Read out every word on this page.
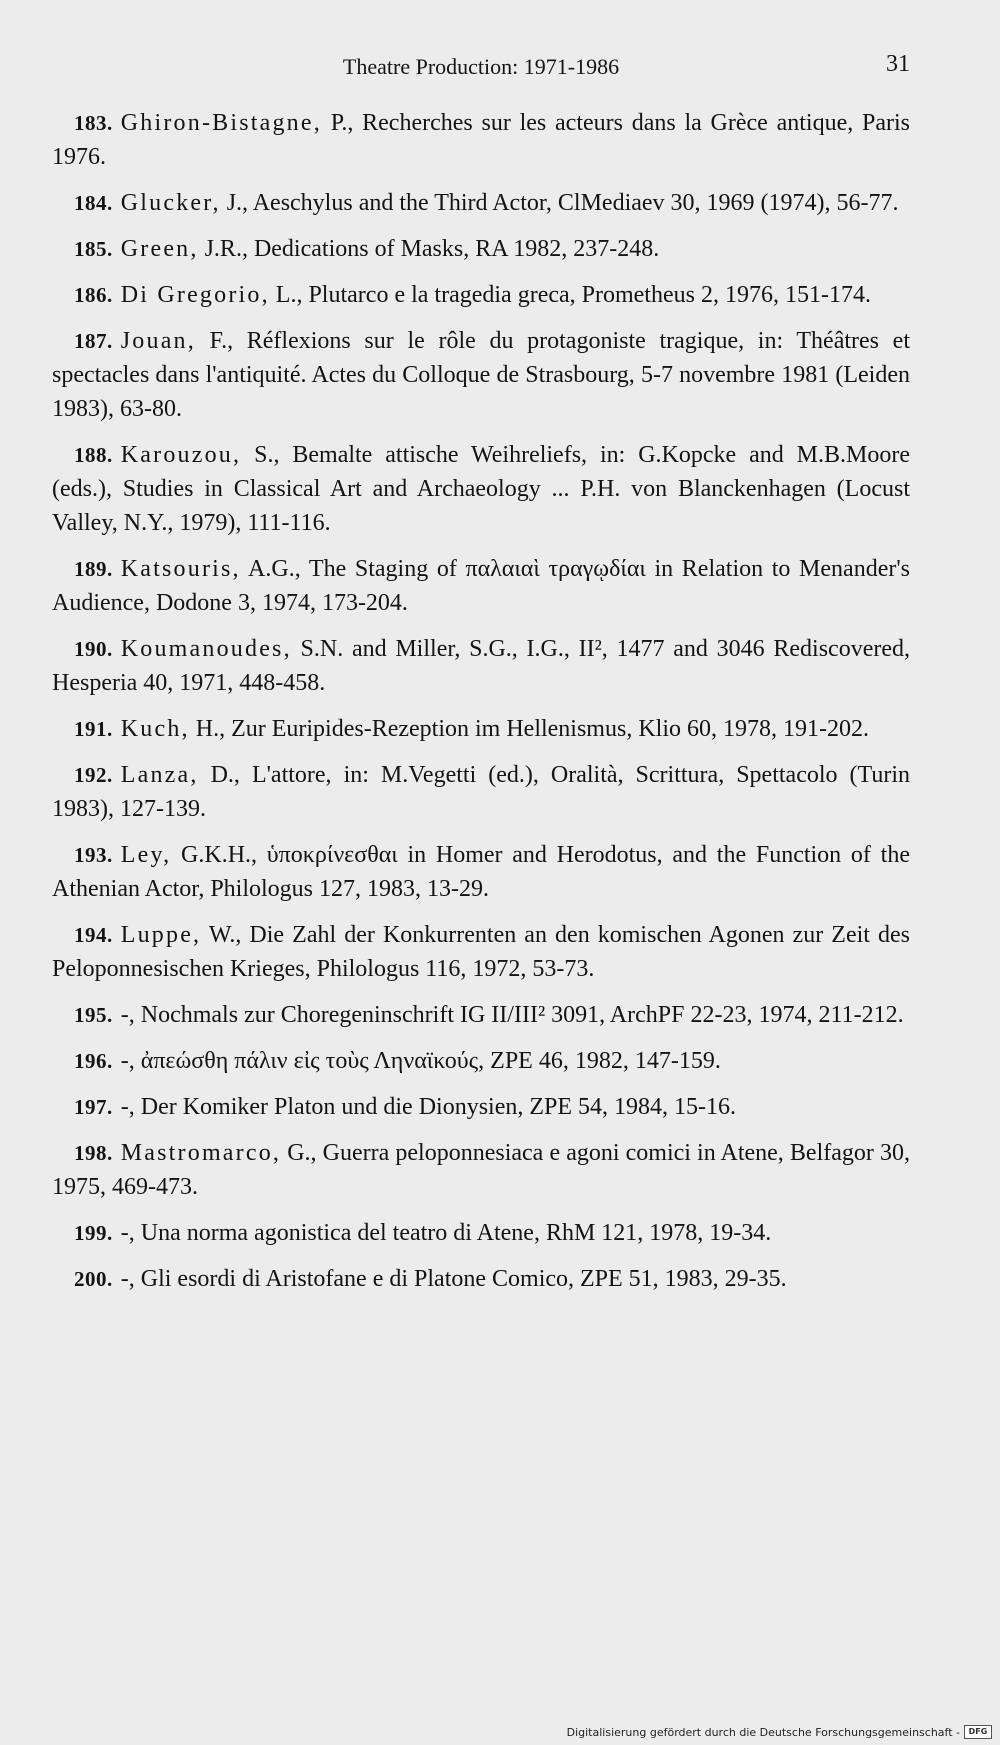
Theatre Production: 1971-1986	31

183. Ghiron-Bistagne, P., Recherches sur les acteurs dans la Grèce antique, Paris 1976.

184. Glucker, J., Aeschylus and the Third Actor, ClMediaev 30, 1969 (1974), 56-77.

185. Green, J.R., Dedications of Masks, RA 1982, 237-248.

186. Di Gregorio, L., Plutarco e la tragedia greca, Prometheus 2, 1976, 151-174.

187. Jouan, F., Réflexions sur le rôle du protagoniste tragique, in: Théâtres et spectacles dans l'antiquité. Actes du Colloque de Strasbourg, 5-7 novembre 1981 (Leiden 1983), 63-80.

188. Karouzou, S., Bemalte attische Weihreliefs, in: G.Kopcke and M.B.Moore (eds.), Studies in Classical Art and Archaeology ... P.H. von Blanckenhagen (Locust Valley, N.Y., 1979), 111-116.

189. Katsouris, A.G., The Staging of παλαιαὶ τραγῳδίαι in Relation to Menander's Audience, Dodone 3, 1974, 173-204.

190. Koumanoudes, S.N. and Miller, S.G., I.G., II², 1477 and 3046 Rediscovered, Hesperia 40, 1971, 448-458.

191. Kuch, H., Zur Euripides-Rezeption im Hellenismus, Klio 60, 1978, 191-202.

192. Lanza, D., L'attore, in: M.Vegetti (ed.), Oralità, Scrittura, Spettacolo (Turin 1983), 127-139.

193. Ley, G.K.H., ὑποκρίνεσθαι in Homer and Herodotus, and the Function of the Athenian Actor, Philologus 127, 1983, 13-29.

194. Luppe, W., Die Zahl der Konkurrenten an den komischen Agonen zur Zeit des Peloponnesischen Krieges, Philologus 116, 1972, 53-73.

195. -, Nochmals zur Choregeninschrift IG II/III² 3091, ArchPF 22-23, 1974, 211-212.

196. -, ἀπεώσθη πάλιν εἰς τοὺς Ληναϊκούς, ZPE 46, 1982, 147-159.

197. -, Der Komiker Platon und die Dionysien, ZPE 54, 1984, 15-16.

198. Mastromarco, G., Guerra peloponnesiaca e agoni comici in Atene, Belfagor 30, 1975, 469-473.

199. -, Una norma agonistica del teatro di Atene, RhM 121, 1978, 19-34.

200. -, Gli esordi di Aristofane e di Platone Comico, ZPE 51, 1983, 29-35.

Digitalisierung gefördert durch die Deutsche Forschungsgemeinschaft -	DFG
